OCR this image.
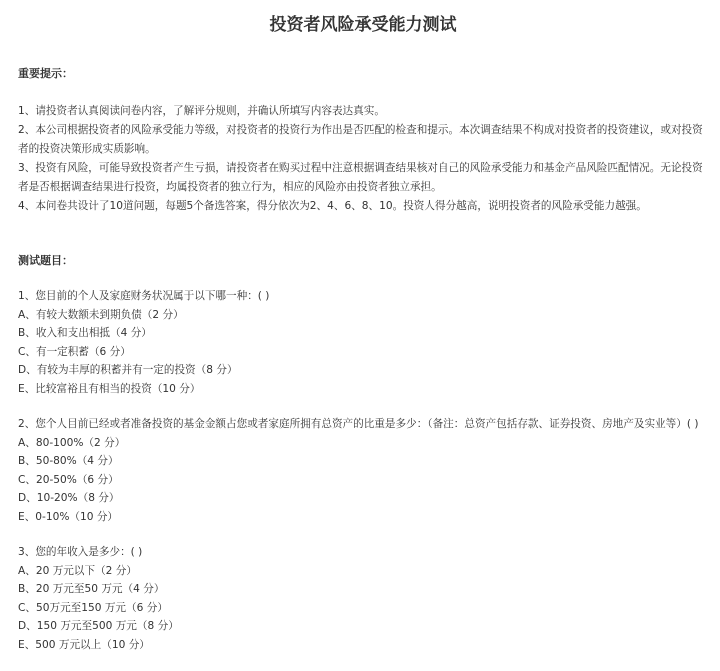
投资者风险承受能力测试
重要提示：

1、请投资者认真阅读问卷内容，了解评分规则，并确认所填写内容表达真实。

2、本公司根据投资者的风险承受能力等级，对投资者的投资行为作出是否匹配的检查和提示。本次调查结果不构成对投资者的投资建议，或对投资者的投资决策形成实质影响。

3、投资有风险，可能导致投资者产生亏损，请投资者在购买过程中注意根据调查结果核对自己的风险承受能力和基金产品风险匹配情况。无论投资者是否根据调查结果进行投资，均属投资者的独立行为，相应的风险亦由投资者独立承担。

4、本问卷共设计了10道问题，每题5个备选答案，得分依次为2、4、6、8、10。投资人得分越高，说明投资者的风险承受能力越强。

测试题目：

1、您目前的个人及家庭财务状况属于以下哪一种：( )

A、有较大数额未到期负债（2 分）

B、收入和支出相抵（4 分）

C、有一定积蓄（6 分）

D、有较为丰厚的积蓄并有一定的投资（8 分）

E、比较富裕且有相当的投资（10 分）

2、您个人目前已经或者准备投资的基金金额占您或者家庭所拥有总资产的比重是多少：（备注：总资产包括存款、证券投资、房地产及实业等）( )

A、80-100%（2 分）

B、50-80%（4 分）

C、20-50%（6 分）

D、10-20%（8 分）

E、0-10%（10 分）

3、您的年收入是多少：( )

A、20 万元以下（2 分）

B、20 万元至50 万元（4 分）

C、50万元至150 万元（6 分）

D、150 万元至500 万元（8 分）

E、500 万元以上（10 分）
